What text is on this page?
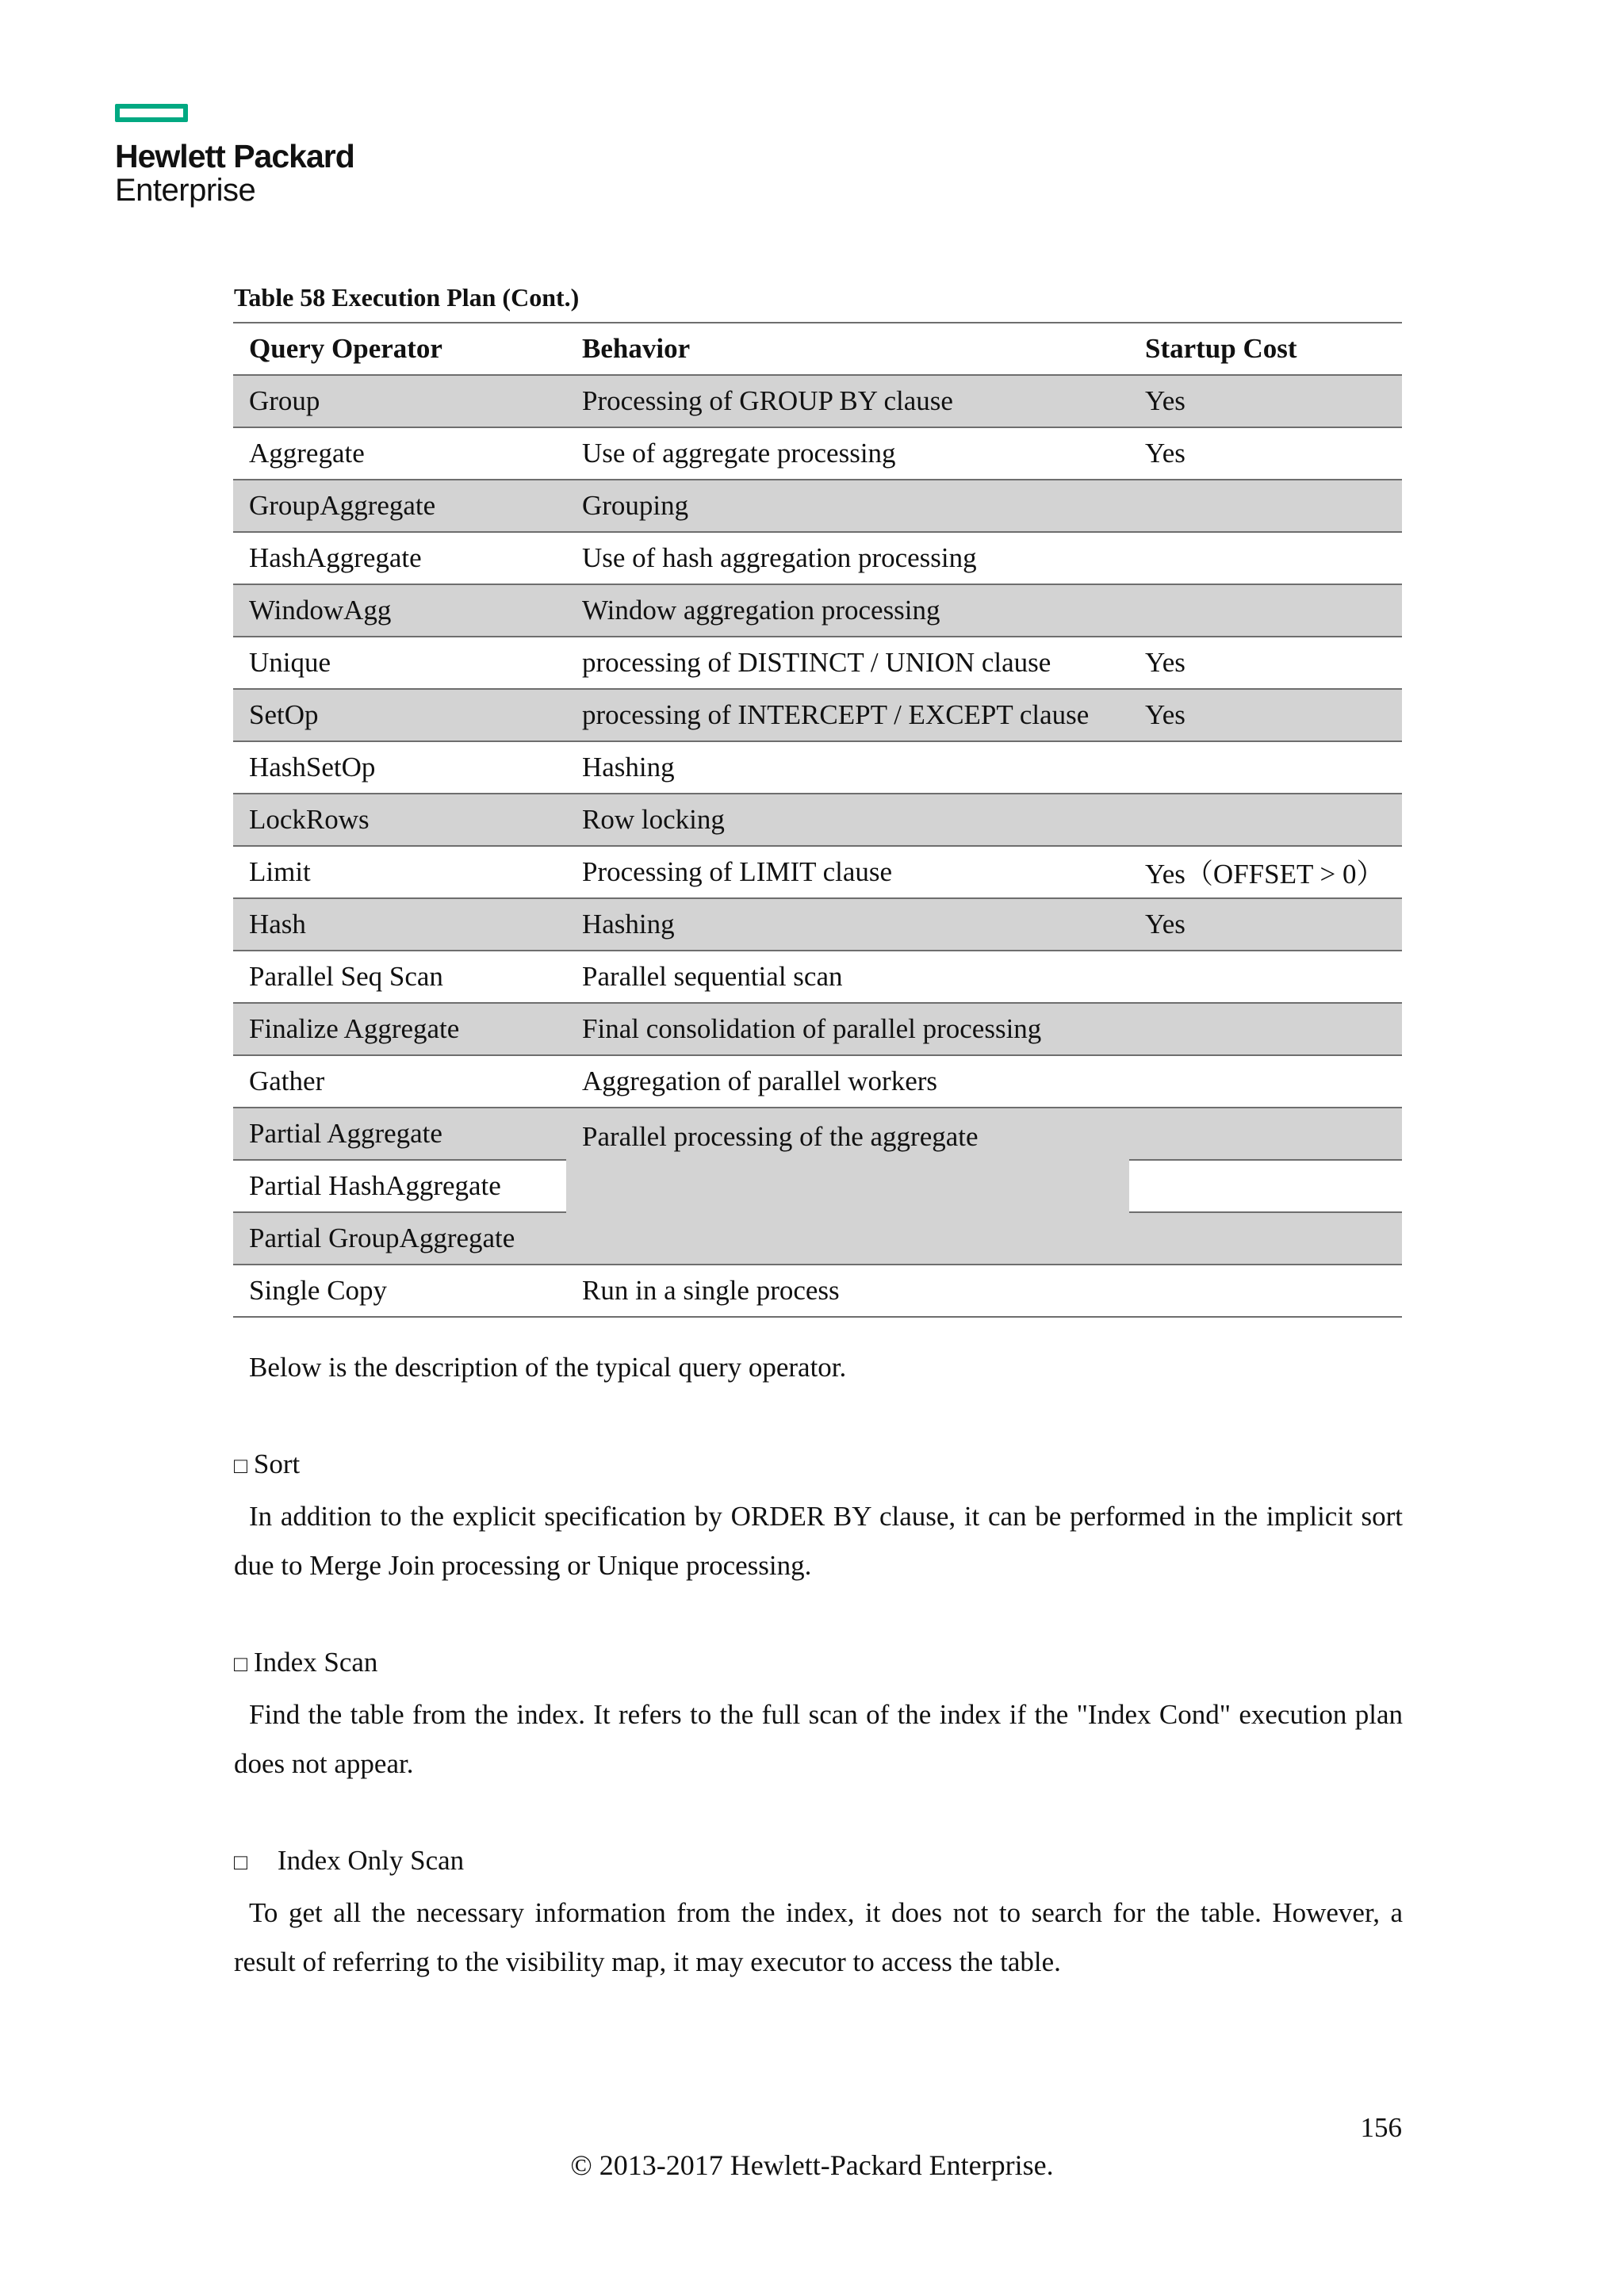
Hewlett Packard
Enterprise
Table 58 Execution Plan (Cont.)
Query Operator	Behavior	Startup Cost
Group	Processing of GROUP BY clause	Yes
Aggregate	Use of aggregate processing	Yes
GroupAggregate	Grouping	
HashAggregate	Use of hash aggregation processing	
WindowAgg	Window aggregation processing	
Unique	processing of DISTINCT / UNION clause	Yes
SetOp	processing of INTERCEPT / EXCEPT clause	Yes
HashSetOp	Hashing	
LockRows	Row locking	
Limit	Processing of LIMIT clause	Yes（OFFSET > 0）
Hash	Hashing	Yes
Parallel Seq Scan	Parallel sequential scan	
Finalize Aggregate	Final consolidation of parallel processing	
Gather	Aggregation of parallel workers	
Partial Aggregate	Parallel processing of the aggregate	
Partial HashAggregate		
Partial GroupAggregate		
Single Copy	Run in a single process	
Below is the description of the typical query operator.
□ Sort
In addition to the explicit specification by ORDER BY clause, it can be performed in the implicit sort due to Merge Join processing or Unique processing.
□ Index Scan
Find the table from the index. It refers to the full scan of the index if the "Index Cond" execution plan does not appear.
□ Index Only Scan
To get all the necessary information from the index, it does not to search for the table. However, a result of referring to the visibility map, it may executor to access the table.
156
© 2013-2017 Hewlett-Packard Enterprise.
